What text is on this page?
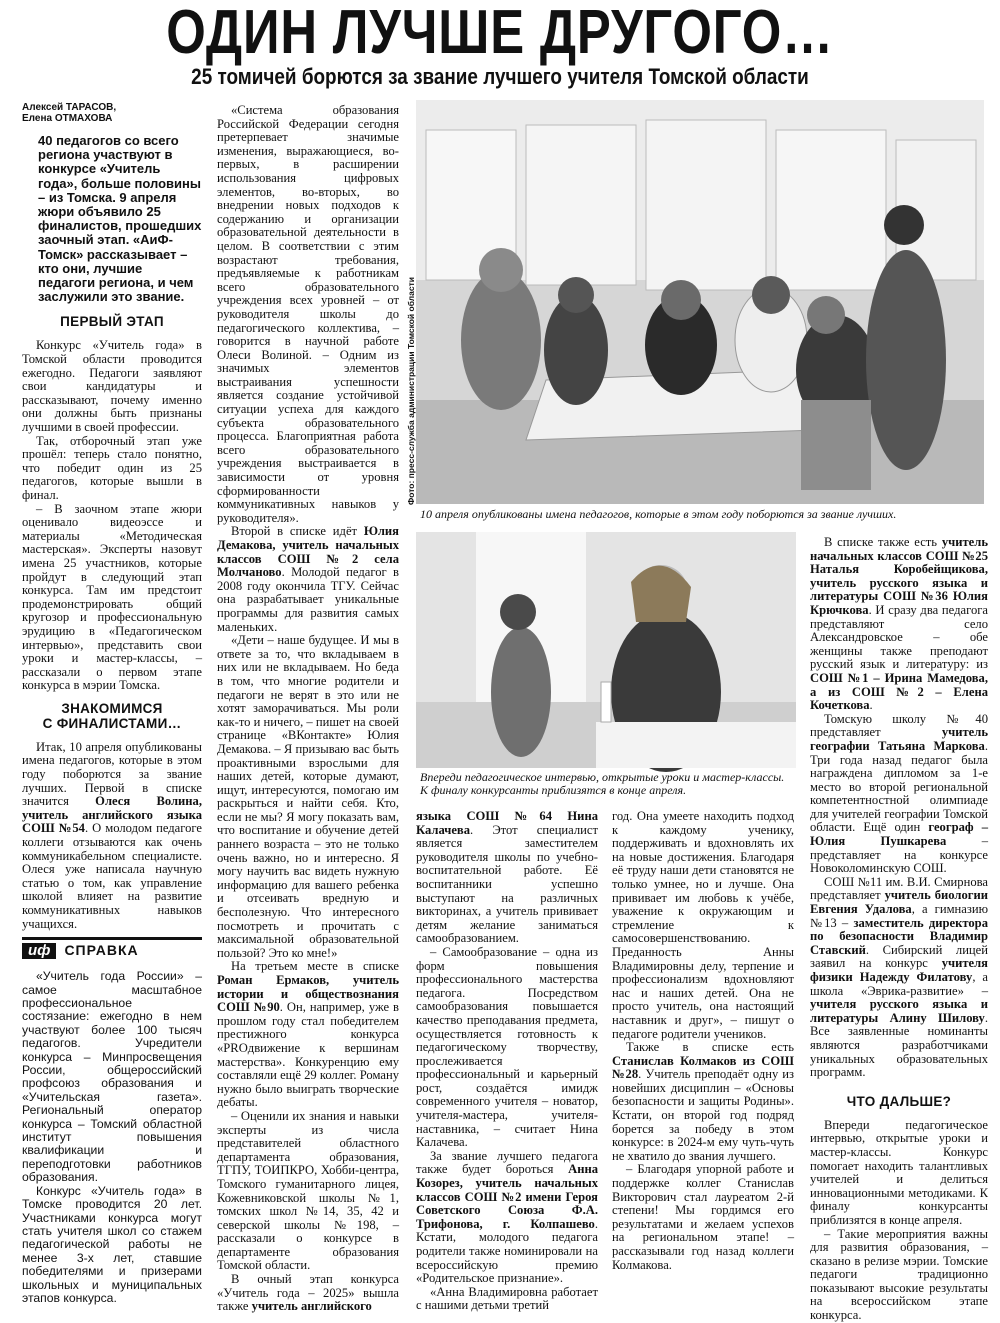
ОДИН ЛУЧШЕ ДРУГОГО…
25 томичей борются за звание лучшего учителя Томской области
Алексей ТАРАСОВ,
Елена ОТМАХОВА
40 педагогов со всего региона участвуют в конкурсе «Учитель года», больше половины – из Томска. 9 апреля жюри объявило 25 финалистов, прошедших заочный этап. «АиФ-Томск» рассказывает – кто они, лучшие педагоги региона, и чем заслужили это звание.
ПЕРВЫЙ ЭТАП

Конкурс «Учитель года» в Томской области проводится ежегодно. Педагоги заявляют свои кандидатуры и рассказывают, почему именно они должны быть признаны лучшими в своей профессии.

Так, отборочный этап уже прошёл: теперь стало понятно, что победит один из 25 педагогов, которые вышли в финал.

– В заочном этапе жюри оценивало видеоэссе и материалы «Методическая мастерская». Эксперты назовут имена 25 участников, которые пройдут в следующий этап конкурса. Там им предстоит продемонстрировать общий кругозор и профессиональную эрудицию в «Педагогическом интервью», представить свои уроки и мастер-классы, – рассказали о первом этапе конкурса в мэрии Томска.

ЗНАКОМИМСЯ
С ФИНАЛИСТАМИ…

Итак, 10 апреля опубликованы имена педагогов, которые в этом году поборются за звание лучших. Первой в списке значится Олеся Волина, учитель английского языка СОШ №54. О молодом педагоге коллеги отзываются как очень коммуникабельном специалисте. Олеся уже написала научную статью о том, как управление школой влияет на развитие коммуникативных навыков учащихся.

иф	СПРАВКА

«Учитель года России» – самое масштабное профессиональное состязание: ежегодно в нем участвуют более 100 тысяч педагогов. Учредители конкурса – Минпросвещения России, общероссийский профсоюз образования и «Учительская газета». Региональный оператор конкурса – Томский областной институт повышения квалификации и переподготовки работников образования.

Конкурс «Учитель года» в Томске проводится 20 лет. Участниками конкурса могут стать учителя школ со стажем педагогической работы не менее 3-х лет, ставшие победителями и призерами школьных и муниципальных этапов конкурса.

«Система образования Российской Федерации сегодня претерпевает значимые изменения, выражающиеся, во-первых, в расширении использования цифровых элементов, во-вторых, во внедрении новых подходов к содержанию и организации образовательной деятельности в целом. В соответствии с этим возрастают требования, предъявляемые к работникам всего образовательного учреждения всех уровней – от руководителя школы до педагогического коллектива, – говорится в научной работе Олеси Волиной. – Одним из значимых элементов выстраивания успешности является создание устойчивой ситуации успеха для каждого субъекта образовательного процесса. Благоприятная работа всего образовательного учреждения выстраивается в зависимости от уровня сформированности коммуникативных навыков у руководителя».

Второй в списке идёт Юлия Демакова, учитель начальных классов СОШ №2 села Молчаново. Молодой педагог в 2008 году окончила ТГУ. Сейчас она разрабатывает уникальные программы для развития самых маленьких.

«Дети – наше будущее. И мы в ответе за то, что вкладываем в них или не вкладываем. Но беда в том, что многие родители и педагоги не верят в это или не хотят заморачиваться. Мы роли как-то и ничего, – пишет на своей странице «ВКонтакте» Юлия Демакова. – Я призываю вас быть проактивными взрослыми для наших детей, которые думают, ищут, интересуются, помогаю им раскрыться и найти себя. Кто, если не мы? Я могу показать вам, что воспитание и обучение детей раннего возраста – это не только очень важно, но и интересно. Я могу научить вас видеть нужную информацию для вашего ребенка и отсеивать вредную и бесполезную. Что интересного посмотреть и прочитать с максимальной образовательной пользой? Это ко мне!»

На третьем месте в списке Роман Ермаков, учитель истории и обществознания СОШ №90. Он, например, уже в прошлом году стал победителем престижного конкурса «PROдвижение к вершинам мастерства». Конкуренцию ему составляли ещё 29 коллег. Роману нужно было выиграть творческие дебаты.

– Оценили их знания и навыки эксперты из числа представителей областного департамента образования, ТГПУ, ТОИПКРО, Хобби-центра, Томского гуманитарного лицея, Кожевниковской школы №1, томских школ №14, 35, 42 и северской школы №198, – рассказали о конкурсе в департаменте образования Томской области.

В очный этап конкурса «Учитель года – 2025» вышла также учитель английского

Фото: пресс-служба администрации Томской области
10 апреля опубликованы имена педагогов, которые в этом году поборются за звание лучших.
Впереди педагогическое интервью, открытые уроки и мастер-классы. К финалу конкурсанты приблизятся в конце апреля.

языка СОШ №64 Нина Калачева. Этот специалист является заместителем руководителя школы по учебно-воспитательной работе. Её воспитанники успешно выступают на различных викторинах, а учитель прививает детям желание заниматься самообразованием.

– Самообразование – одна из форм повышения профессионального мастерства педагога. Посредством самообразования повышается качество преподавания предмета, осуществляется готовность к педагогическому творчеству, прослеживается профессиональный и карьерный рост, создаётся имидж современного учителя – новатор, учителя-мастера, учителя-наставника, – считает Нина Калачева.

За звание лучшего педагога также будет бороться Анна Козорез, учитель начальных классов СОШ №2 имени Героя Советского Союза Ф.А. Трифонова, г. Колпашево. Кстати, молодого педагога родители также номинировали на всероссийскую премию «Родительское признание».

«Анна Владимировна работает с нашими детьми третий

год. Она умеете находить подход к каждому ученику, поддерживать и вдохновлять их на новые достижения. Благодаря её труду наши дети становятся не только умнее, но и лучше. Она прививает им любовь к учёбе, уважение к окружающим и стремление к самосовершенствованию. Преданность Анны Владимировны делу, терпение и профессионализм вдохновляют нас и наших детей. Она не просто учитель, она настоящий наставник и друг», – пишут о педагоге родители учеников.

Также в списке есть Станислав Колмаков из СОШ №28. Учитель преподаёт одну из новейших дисциплин – «Основы безопасности и защиты Родины». Кстати, он второй год подряд борется за победу в этом конкурсе: в 2024-м ему чуть-чуть не хватило до звания лучшего.

– Благодаря упорной работе и поддержке коллег Станислав Викторович стал лауреатом 2-й степени! Мы гордимся его результатами и желаем успехов на региональном этапе! – рассказывали год назад коллеги Колмакова.

В списке также есть учитель начальных классов СОШ №25 Наталья Коробейщикова, учитель русского языка и литературы СОШ №36 Юлия Крючкова. И сразу два педагога представляют село Александровское – обе женщины также преподают русский язык и литературу: из СОШ №1 – Ирина Мамедова, а из СОШ №2 – Елена Кочеткова.

Томскую школу №40 представляет учитель географии Татьяна Маркова. Три года назад педагог была награждена дипломом за 1-е место во второй региональной компетентностной олимпиаде для учителей географии Томской области. Ещё один географ – Юлия Пушкарева – представляет на конкурсе Новоколоминскую СОШ.

СОШ №11 им. В.И. Смирнова представляет учитель биологии Евгения Удалова, а гимназию №13 – заместитель директора по безопасности Владимир Ставский. Сибирский лицей заявил на конкурс учителя физики Надежду Филатову, а школа «Эврика-развитие» – учителя русского языка и литературы Алину Шилову. Все заявленные номинанты являются разработчиками уникальных образовательных программ.

ЧТО ДАЛЬШЕ?

Впереди педагогическое интервью, открытые уроки и мастер-классы. Конкурс помогает находить талантливых учителей и делиться инновационными методиками. К финалу конкурсанты приблизятся в конце апреля.

– Такие мероприятия важны для развития образования, – сказано в релизе мэрии. Томские педагоги традиционно показывают высокие результаты на всероссийском этапе конкурса.
